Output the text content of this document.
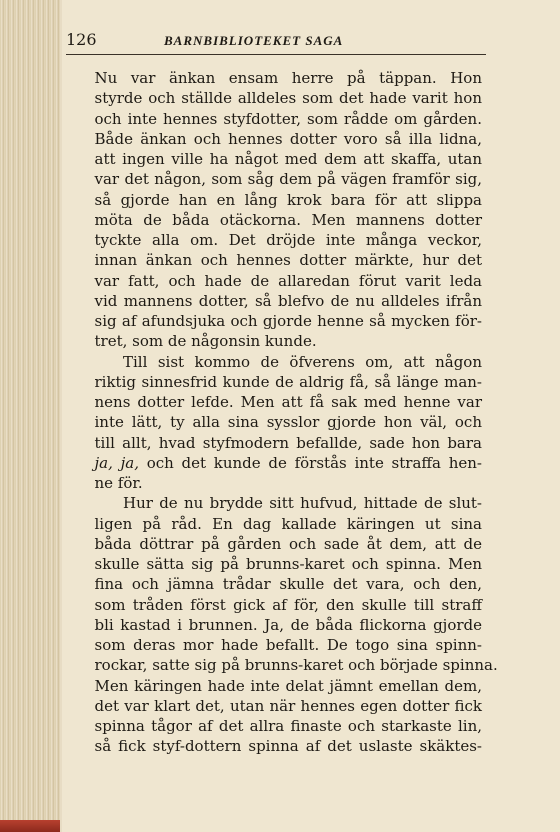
126	BARNBIBLIOTEKET SAGA

Nu var änkan ensam herre på täppan. Hon
styrde och ställde alldeles som det hade varit hon
och inte hennes styfdotter, som rådde om gården.
Både änkan och hennes dotter voro så illa lidna,
att ingen ville ha något med dem att skaffa, utan
var det någon, som såg dem på vägen framför sig,
så gjorde han en lång krok bara för att slippa
möta de båda otäckorna. Men mannens dotter
tyckte alla om. Det dröjde inte många veckor,
innan änkan och hennes dotter märkte, hur det
var fatt, och hade de allaredan förut varit leda
vid mannens dotter, så blefvo de nu alldeles ifrån
sig af afundsjuka och gjorde henne så mycken för-
tret, som de någonsin kunde.

Till sist kommo de öfverens om, att någon
riktig sinnesfrid kunde de aldrig få, så länge man-
nens dotter lefde. Men att få sak med henne var
inte lätt, ty alla sina sysslor gjorde hon väl, och
till allt, hvad styfmodern befallde, sade hon bara
ja, ja, och det kunde de förstås inte straffa hen-
ne för.

Hur de nu brydde sitt hufvud, hittade de slut-
ligen på råd. En dag kallade käringen ut sina
båda döttrar på gården och sade åt dem, att de
skulle sätta sig på brunns-karet och spinna. Men
fina och jämna trådar skulle det vara, och den,
som tråden först gick af för, den skulle till straff
bli kastad i brunnen. Ja, de båda flickorna gjorde
som deras mor hade befallt. De togo sina spinn-
rockar, satte sig på brunns-karet och började spinna.
Men käringen hade inte delat jämnt emellan dem,
det var klart det, utan när hennes egen dotter fick
spinna tågor af det allra finaste och starkaste lin,
så fick styf-dottern spinna af det uslaste skäktes-
